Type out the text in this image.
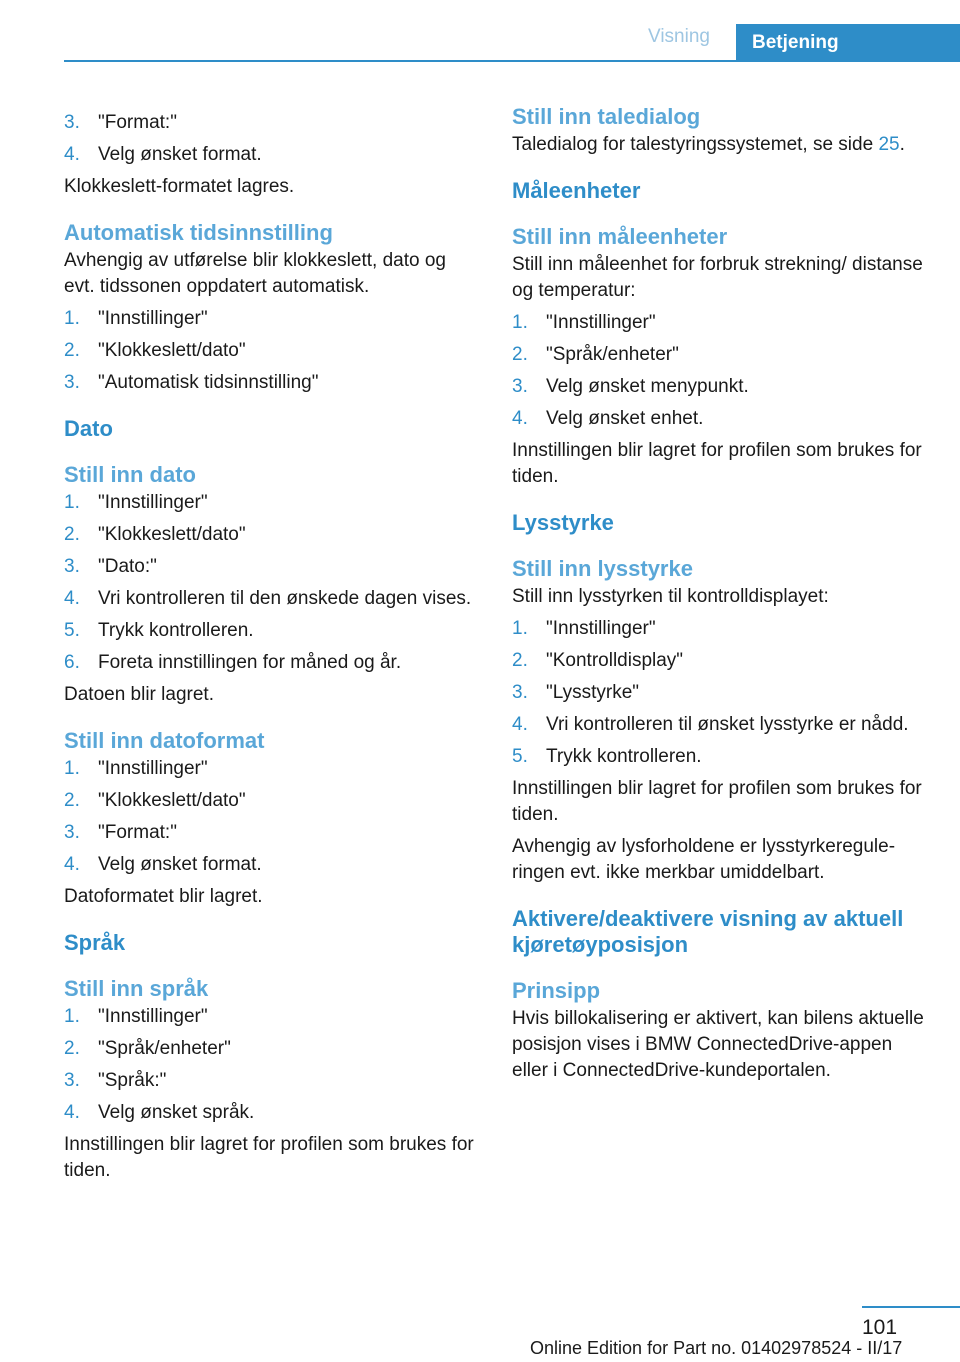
Visning	Betjening
3. "Format:"
4. Velg ønsket format.

Klokkeslett-formatet lagres.

Automatisk tidsinnstilling

Avhengig av utførelse blir klokkeslett, dato og evt. tidssonen oppdatert automatisk.

1. "Innstillinger"
2. "Klokkeslett/dato"
3. "Automatisk tidsinnstilling"
Dato
Still inn dato
1. "Innstillinger"
2. "Klokkeslett/dato"
3. "Dato:"
4. Vri kontrolleren til den ønskede dagen vises.
5. Trykk kontrolleren.
6. Foreta innstillingen for måned og år.

Datoen blir lagret.

Still inn datoformat
1. "Innstillinger"
2. "Klokkeslett/dato"
3. "Format:"
4. Velg ønsket format.

Datoformatet blir lagret.

Språk
Still inn språk
1. "Innstillinger"
2. "Språk/enheter"
3. "Språk:"
4. Velg ønsket språk.

Innstillingen blir lagret for profilen som brukes for tiden.

Still inn taledialog

Taledialog for talestyringssystemet, se side 25.

Måleenheter
Still inn måleenheter

Still inn måleenhet for forbruk strekning/ distanse og temperatur:

1. "Innstillinger"
2. "Språk/enheter"
3. Velg ønsket menypunkt.
4. Velg ønsket enhet.

Innstillingen blir lagret for profilen som brukes for tiden.

Lysstyrke
Still inn lysstyrke

Still inn lysstyrken til kontrolldisplayet:

1. "Innstillinger"
2. "Kontrolldisplay"
3. "Lysstyrke"
4. Vri kontrolleren til ønsket lysstyrke er nådd.
5. Trykk kontrolleren.

Innstillingen blir lagret for profilen som brukes for tiden.

Avhengig av lysforholdene er lysstyrkereguleringen evt. ikke merkbar umiddelbart.

Aktivere/deaktivere visning av aktuell kjøretøyposisjon
Prinsipp

Hvis billokalisering er aktivert, kan bilens aktuelle posisjon vises i BMW ConnectedDrive-appen eller i ConnectedDrive-kundeportalen.

101
Online Edition for Part no. 01402978524 - II/17
